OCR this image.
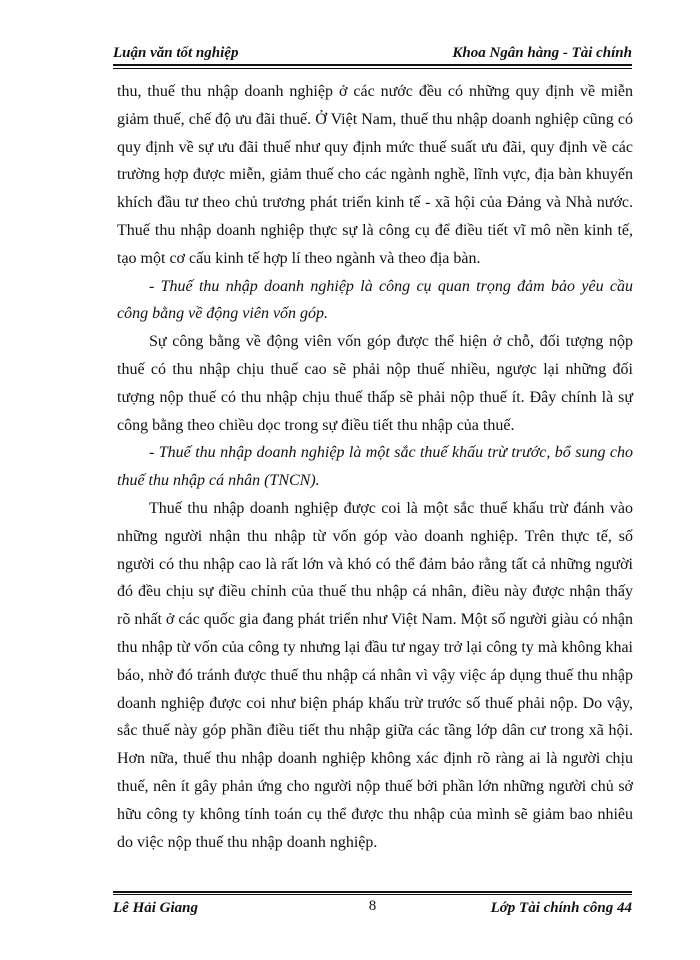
Luận văn tốt nghiệp	Khoa Ngân hàng - Tài chính

thu, thuế thu nhập doanh nghiệp ở các nước đều có những quy định về miễn giảm thuế, chế độ ưu đãi thuế. Ở Việt Nam, thuế thu nhập doanh nghiệp cũng có quy định về sự ưu đãi thuế như quy định mức thuế suất ưu đãi, quy định về các trường hợp được miễn, giảm thuế cho các ngành nghề, lĩnh vực, địa bàn khuyến khích đầu tư theo chủ trương phát triển kinh tế - xã hội của Đảng và Nhà nước. Thuế thu nhập doanh nghiệp thực sự là công cụ để điều tiết vĩ mô nền kinh tế, tạo một cơ cấu kinh tế hợp lí theo ngành và theo địa bàn.

- Thuế thu nhập doanh nghiệp là công cụ quan trọng đảm bảo yêu cầu công bằng về động viên vốn góp.

Sự công bằng về động viên vốn góp được thể hiện ở chỗ, đối tượng nộp thuế có thu nhập chịu thuế cao sẽ phải nộp thuế nhiều, ngược lại những đối tượng nộp thuế có thu nhập chịu thuế thấp sẽ phải nộp thuế ít. Đây chính là sự công bằng theo chiều dọc trong sự điều tiết thu nhập của thuế.

- Thuế thu nhập doanh nghiệp là một sắc thuế khấu trừ trước, bổ sung cho thuế thu nhập cá nhân (TNCN).

Thuế thu nhập doanh nghiệp được coi là một sắc thuế khấu trừ đánh vào những người nhận thu nhập từ vốn góp vào doanh nghiệp. Trên thực tế, số người có thu nhập cao là rất lớn và khó có thể đảm bảo rằng tất cả những người đó đều chịu sự điều chỉnh của thuế thu nhập cá nhân, điều này được nhận thấy rõ nhất ở các quốc gia đang phát triển như Việt Nam. Một số người giàu có nhận thu nhập từ vốn của công ty nhưng lại đầu tư ngay trở lại công ty mà không khai báo, nhờ đó tránh được thuế thu nhập cá nhân vì vậy việc áp dụng thuế thu nhập doanh nghiệp được coi như biện pháp khấu trừ trước số thuế phải nộp. Do vậy, sắc thuế này góp phần điều tiết thu nhập giữa các tầng lớp dân cư trong xã hội. Hơn nữa, thuế thu nhập doanh nghiệp không xác định rõ ràng ai là người chịu thuế, nên ít gây phản ứng cho người nộp thuế bởi phần lớn những người chủ sở hữu công ty không tính toán cụ thể được thu nhập của mình sẽ giảm bao nhiêu do việc nộp thuế thu nhập doanh nghiệp.

Lê Hải Giang	8	Lớp Tài chính công 44
